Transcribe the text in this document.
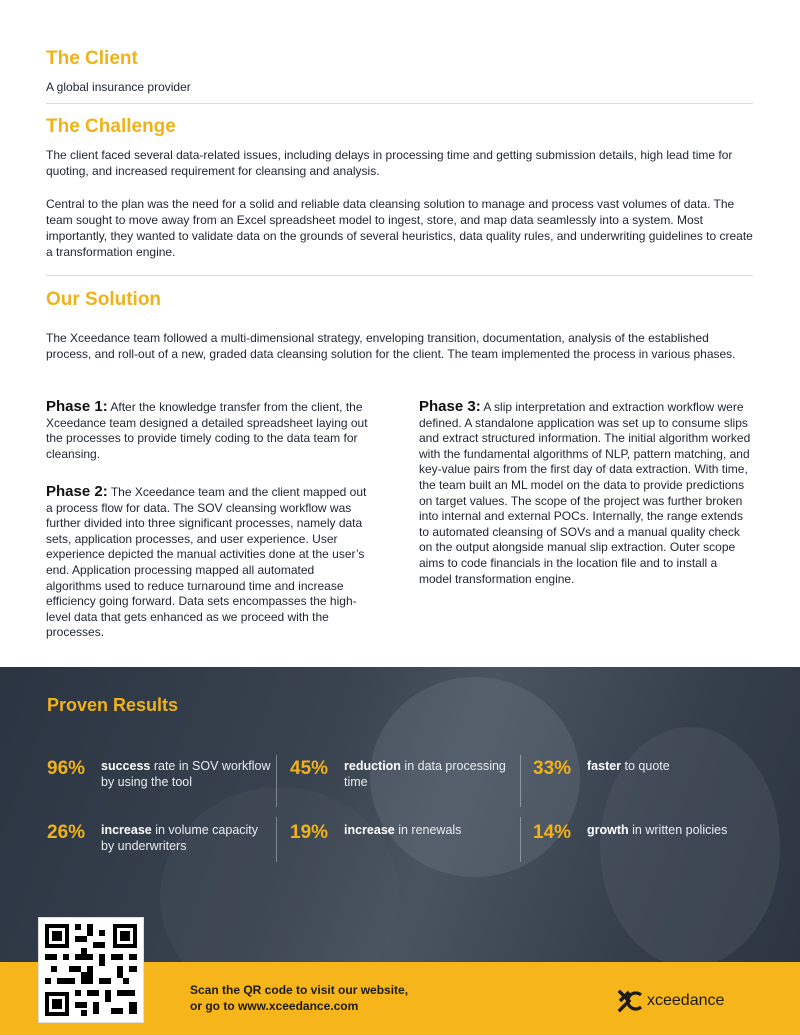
The Client

A global insurance provider

The Challenge

The client faced several data-related issues, including delays in processing time and getting submission details, high lead time for quoting, and increased requirement for cleansing and analysis.

Central to the plan was the need for a solid and reliable data cleansing solution to manage and process vast volumes of data. The team sought to move away from an Excel spreadsheet model to ingest, store, and map data seamlessly into a system. Most importantly, they wanted to validate data on the grounds of several heuristics, data quality rules, and underwriting guidelines to create a transformation engine.

Our Solution

The Xceedance team followed a multi-dimensional strategy, enveloping transition, documentation, analysis of the established process, and roll-out of a new, graded data cleansing solution for the client. The team implemented the process in various phases.

Phase 1: After the knowledge transfer from the client, the Xceedance team designed a detailed spreadsheet laying out the processes to provide timely coding to the data team for cleansing.
Phase 2: The Xceedance team and the client mapped out a process flow for data. The SOV cleansing workflow was further divided into three significant processes, namely data sets, application processes, and user experience. User experience depicted the manual activities done at the user’s end. Application processing mapped all automated algorithms used to reduce turnaround time and increase efficiency going forward. Data sets encompasses the high-level data that gets enhanced as we proceed with the processes.
Phase 3: A slip interpretation and extraction workflow were defined. A standalone application was set up to consume slips and extract structured information. The initial algorithm worked with the fundamental algorithms of NLP, pattern matching, and key-value pairs from the first day of data extraction. With time, the team built an ML model on the data to provide predictions on target values. The scope of the project was further broken into internal and external POCs. Internally, the range extends to automated cleansing of SOVs and a manual quality check on the output alongside manual slip extraction. Outer scope aims to code financials in the location file and to install a model transformation engine.
Proven Results
96% success rate in SOV workflow by using the tool
45% reduction in data processing time
33% faster to quote
26% increase in volume capacity by underwriters
19% increase in renewals	14% growth in written policies
Scan the QR code to visit our website,
or go to www.xceedance.com	xceedance
